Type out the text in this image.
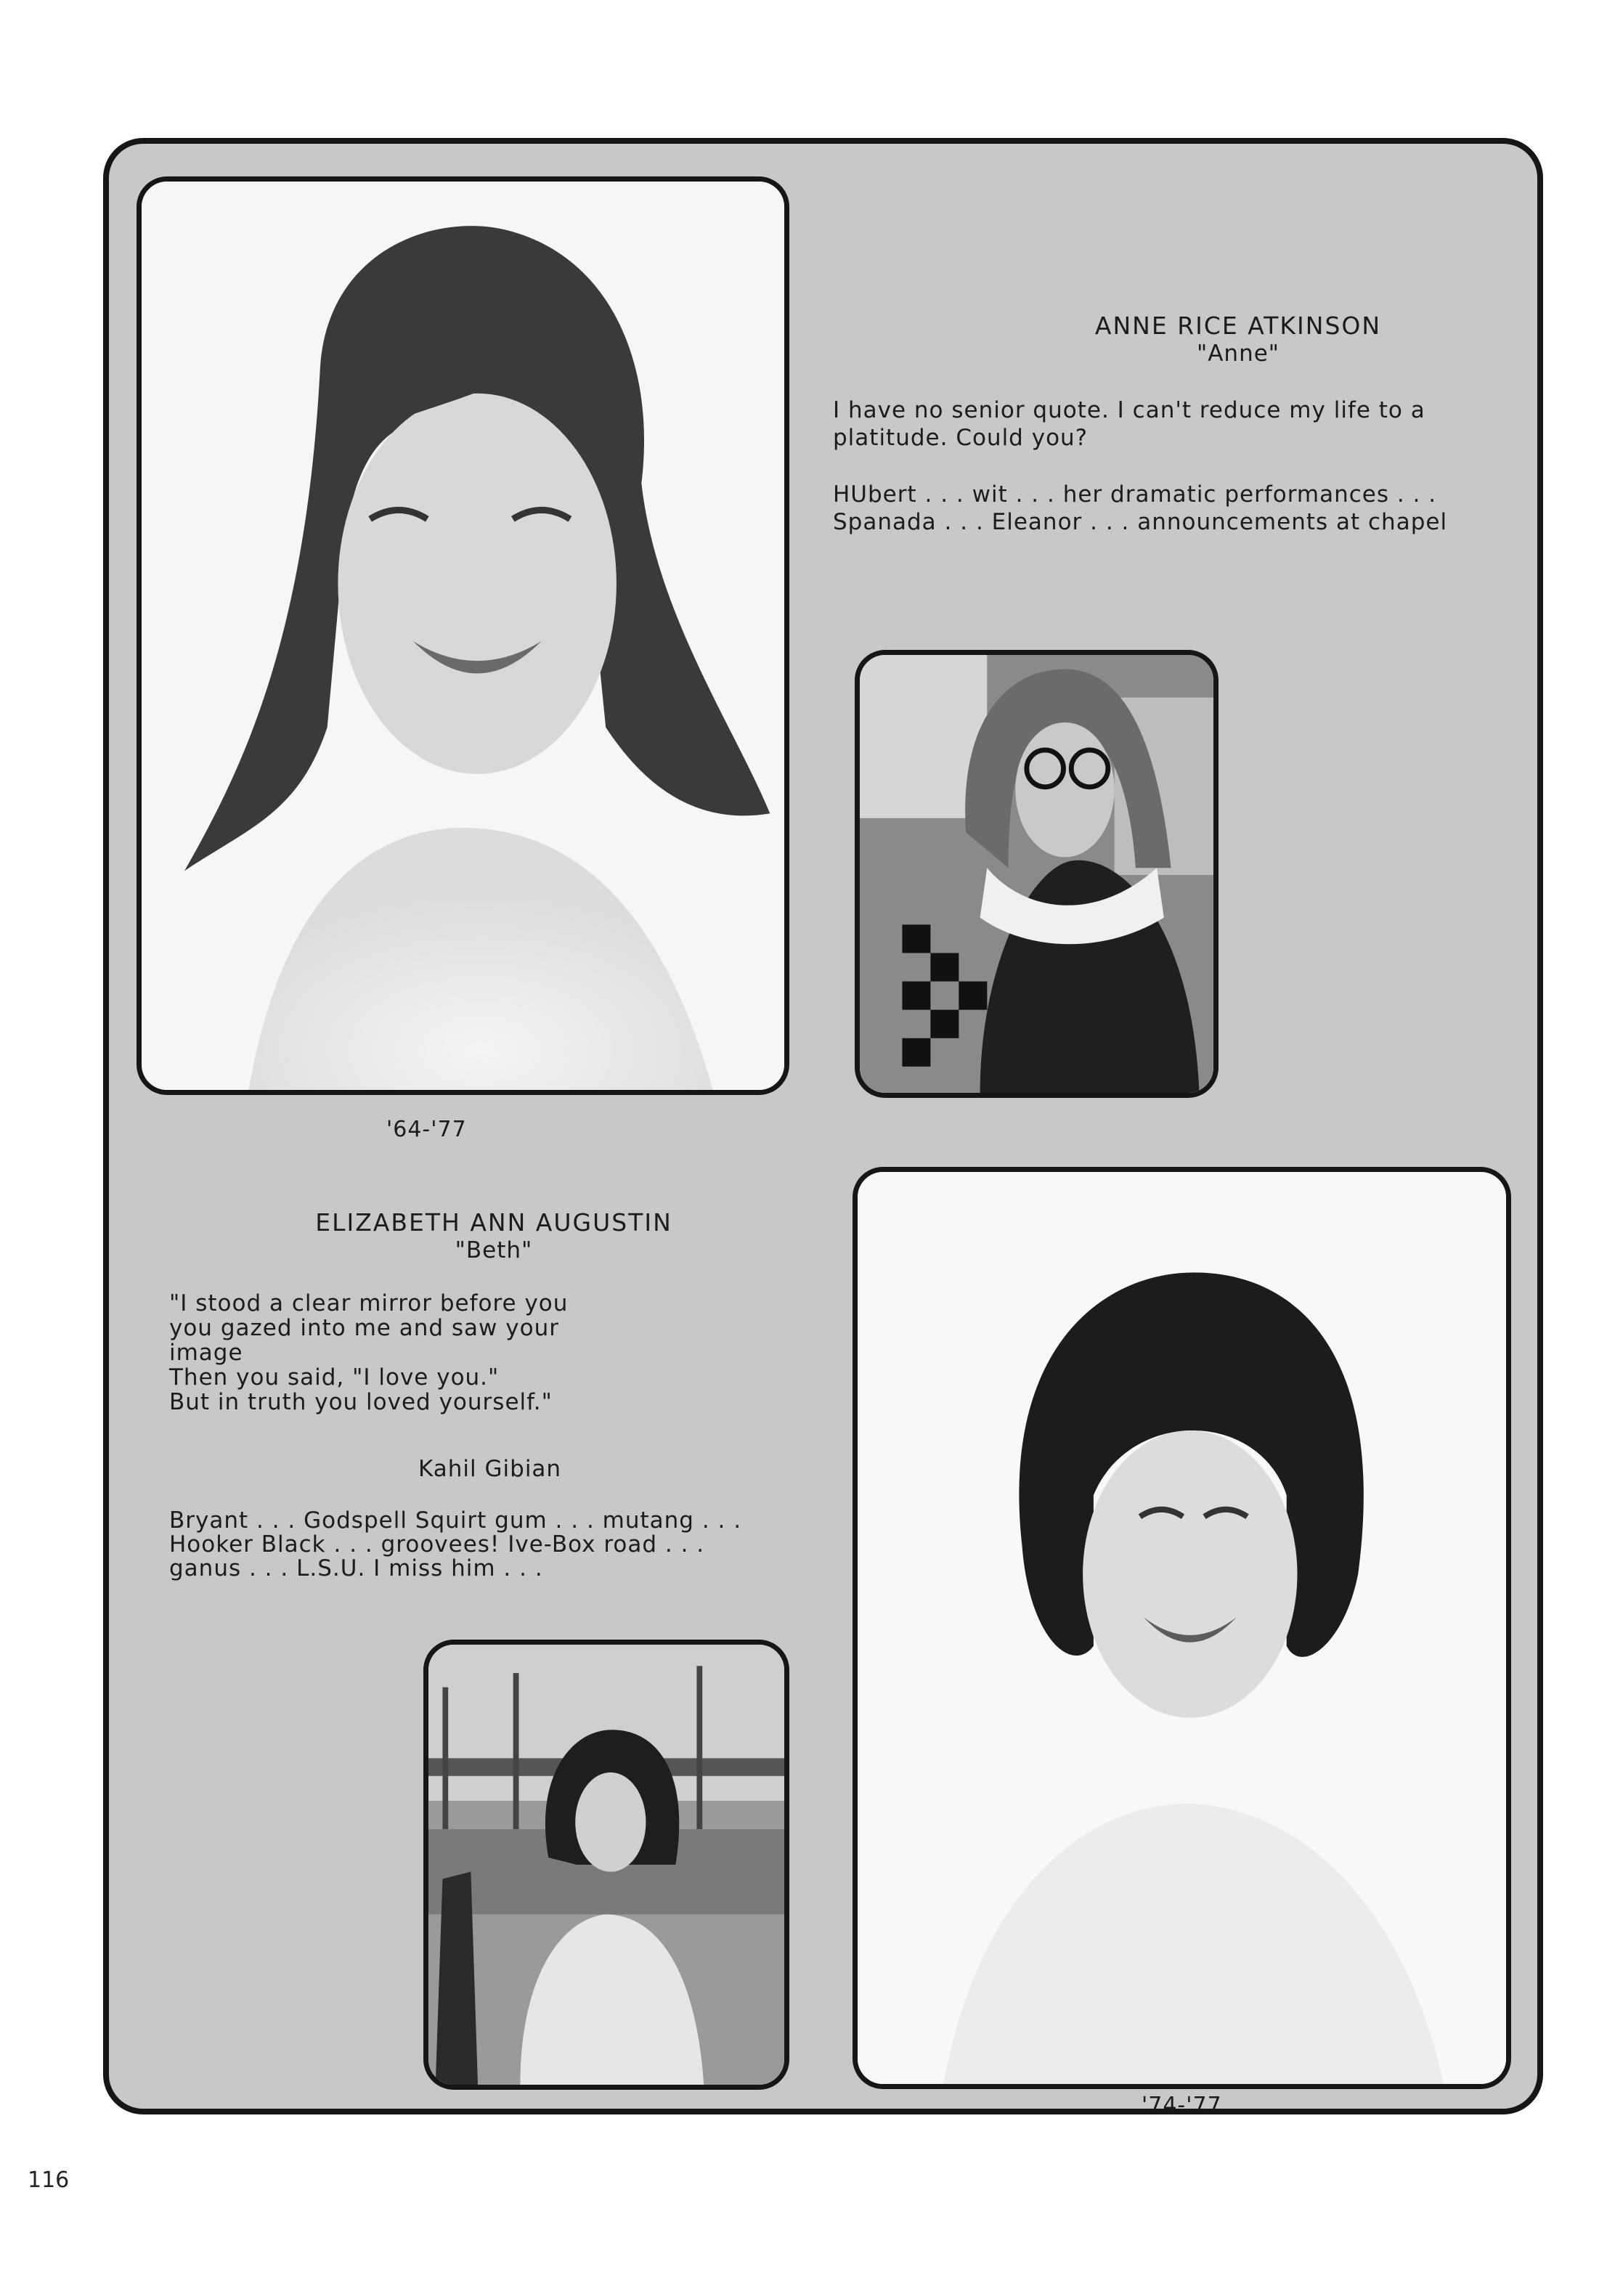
ANNE RICE ATKINSON
"Anne"
I have no senior quote. I can't reduce my life to a
platitude. Could you?
HUbert . . . wit . . . her dramatic performances . . .
Spanada . . . Eleanor . . . announcements at chapel
'64-'77
ELIZABETH ANN AUGUSTIN
"Beth"
"I stood a clear mirror before you
you gazed into me and saw your
image
Then you said, "I love you."
But in truth you loved yourself."
Kahil Gibian
Bryant . . . Godspell Squirt gum . . . mutang . . .
Hooker Black . . . groovees! Ive-Box road . . .
ganus . . . L.S.U. I miss him . . .
'74-'77
116
